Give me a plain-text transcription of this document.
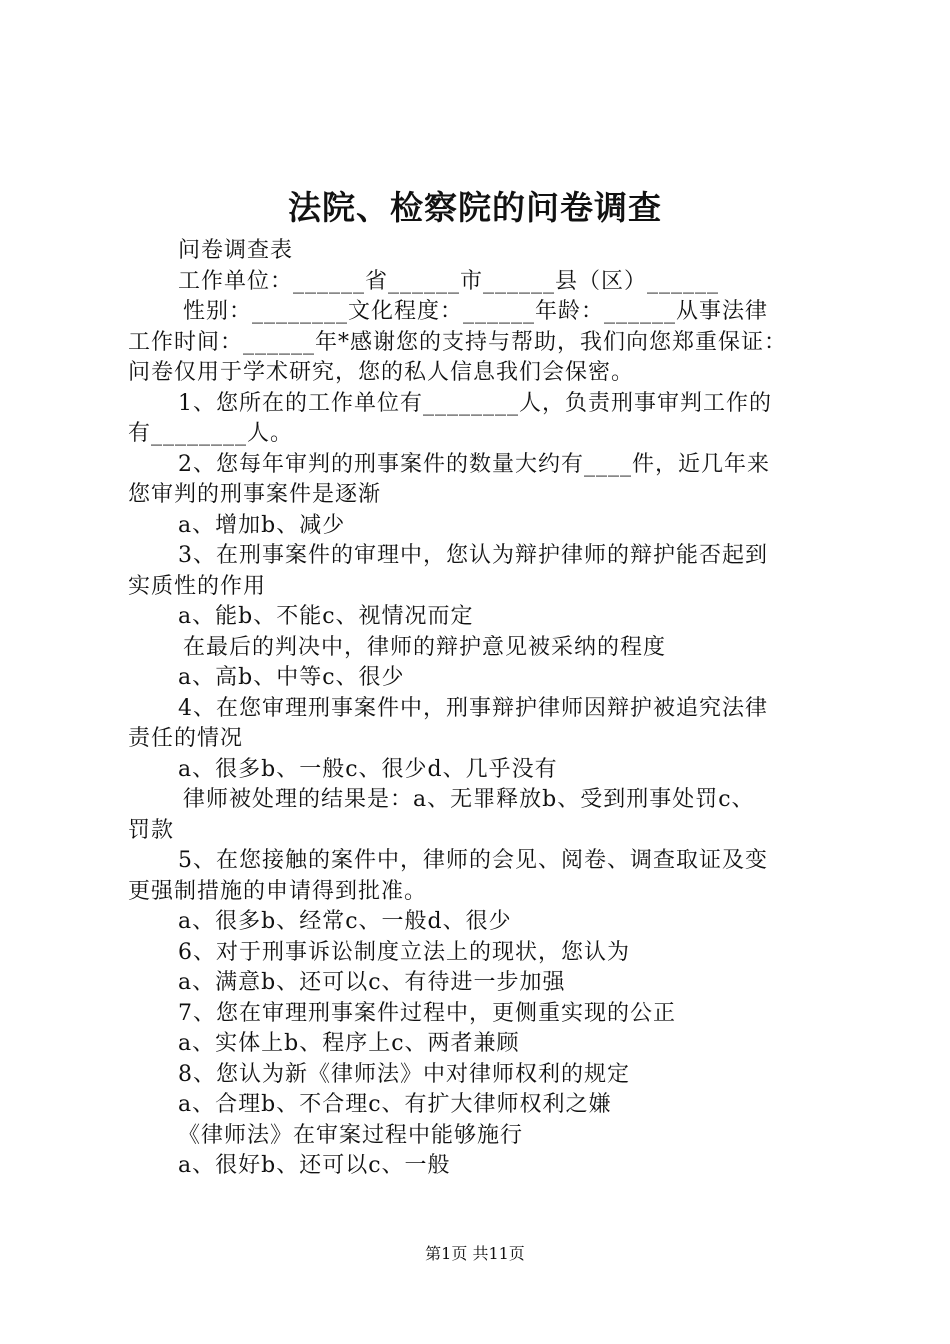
法院、检察院的问卷调查
问卷调查表
工作单位：______省______市______县（区）______
性别：________文化程度：______年龄：______从事法律
工作时间：______年*感谢您的支持与帮助，我们向您郑重保证：
问卷仅用于学术研究，您的私人信息我们会保密。
1、您所在的工作单位有________人，负责刑事审判工作的
有________人。
2、您每年审判的刑事案件的数量大约有____件，近几年来
您审判的刑事案件是逐渐
a、增加b、减少
3、在刑事案件的审理中，您认为辩护律师的辩护能否起到
实质性的作用
a、能b、不能c、视情况而定
在最后的判决中，律师的辩护意见被采纳的程度
a、高b、中等c、很少
4、在您审理刑事案件中，刑事辩护律师因辩护被追究法律
责任的情况
a、很多b、一般c、很少d、几乎没有
律师被处理的结果是：a、无罪释放b、受到刑事处罚c、
罚款
5、在您接触的案件中，律师的会见、阅卷、调查取证及变
更强制措施的申请得到批准。
a、很多b、经常c、一般d、很少
6、对于刑事诉讼制度立法上的现状，您认为
a、满意b、还可以c、有待进一步加强
7、您在审理刑事案件过程中，更侧重实现的公正
a、实体上b、程序上c、两者兼顾
8、您认为新《律师法》中对律师权利的规定
a、合理b、不合理c、有扩大律师权利之嫌
《律师法》在审案过程中能够施行
a、很好b、还可以c、一般
第1页 共11页
